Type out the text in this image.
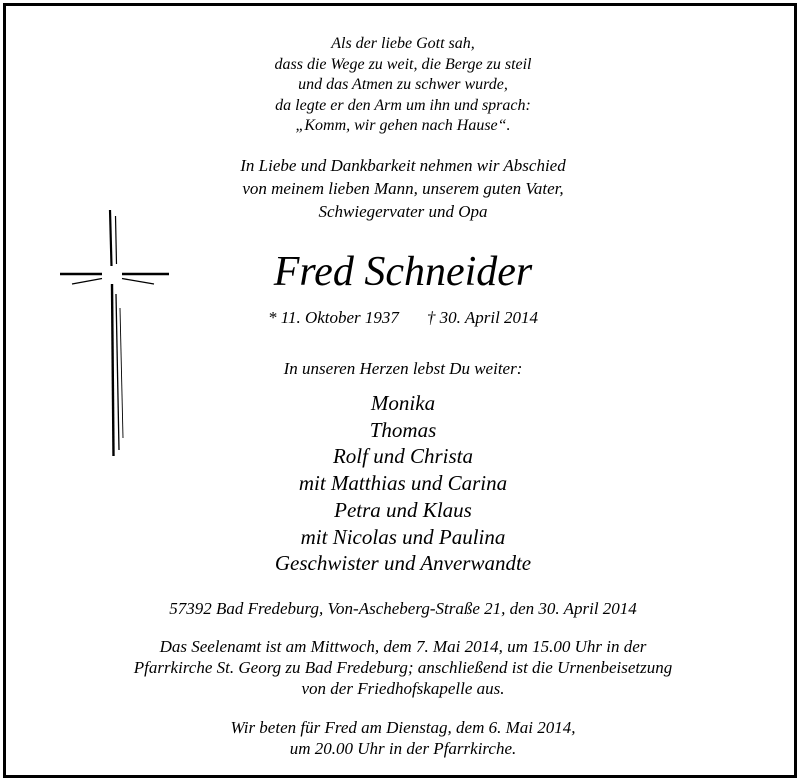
Als der liebe Gott sah,
dass die Wege zu weit, die Berge zu steil
und das Atmen zu schwer wurde,
da legte er den Arm um ihn und sprach:
„Komm, wir gehen nach Hause“.
In Liebe und Dankbarkeit nehmen wir Abschied
von meinem lieben Mann, unserem guten Vater,
Schwiegervater und Opa
Fred Schneider
* 11. Oktober 1937 † 30. April 2014
In unseren Herzen lebst Du weiter:
Monika
Thomas
Rolf und Christa
mit Matthias und Carina
Petra und Klaus
mit Nicolas und Paulina
Geschwister und Anverwandte
57392 Bad Fredeburg, Von-Ascheberg-Straße 21, den 30. April 2014
Das Seelenamt ist am Mittwoch, dem 7. Mai 2014, um 15.00 Uhr in der
Pfarrkirche St. Georg zu Bad Fredeburg; anschließend ist die Urnenbeisetzung
von der Friedhofskapelle aus.
Wir beten für Fred am Dienstag, dem 6. Mai 2014,
um 20.00 Uhr in der Pfarrkirche.
